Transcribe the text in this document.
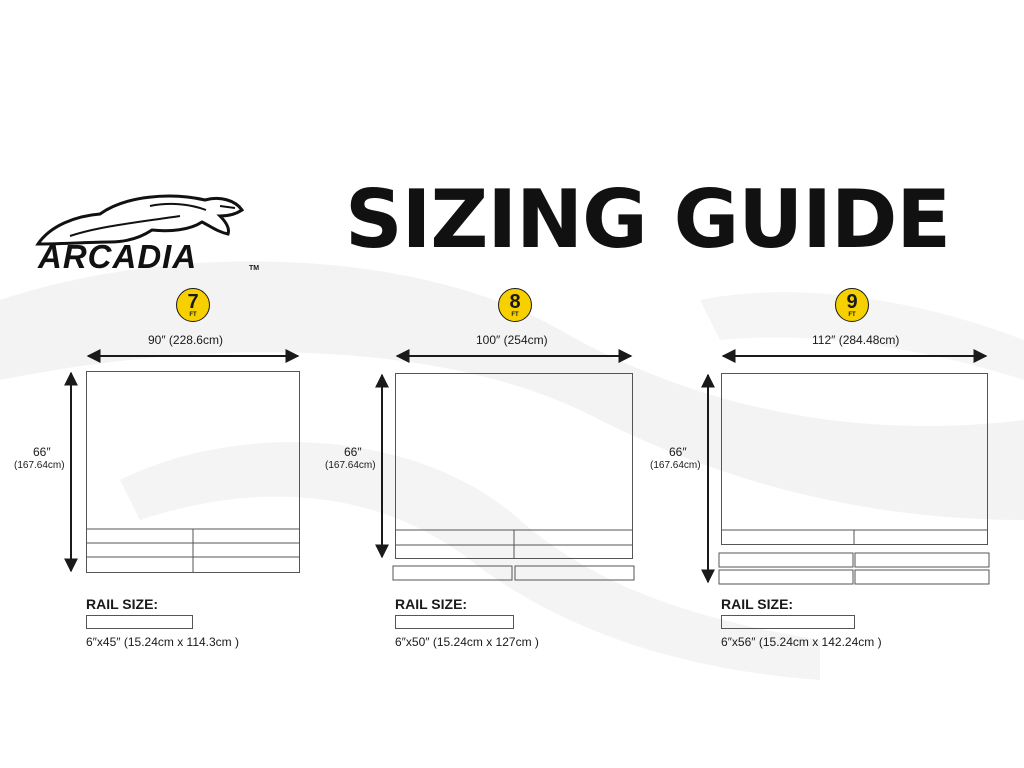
ARCADIA	TM
SIZING GUIDE
7
FT
90″ (228.6cm)
66″
(167.64cm)
RAIL SIZE:
6″x45″ (15.24cm x 114.3cm )
8
FT
100″ (254cm)
66″
(167.64cm)
RAIL SIZE:
6″x50″ (15.24cm x 127cm )
9
FT
112″ (284.48cm)
66″
(167.64cm)
RAIL SIZE:
6″x56″ (15.24cm x 142.24cm )
